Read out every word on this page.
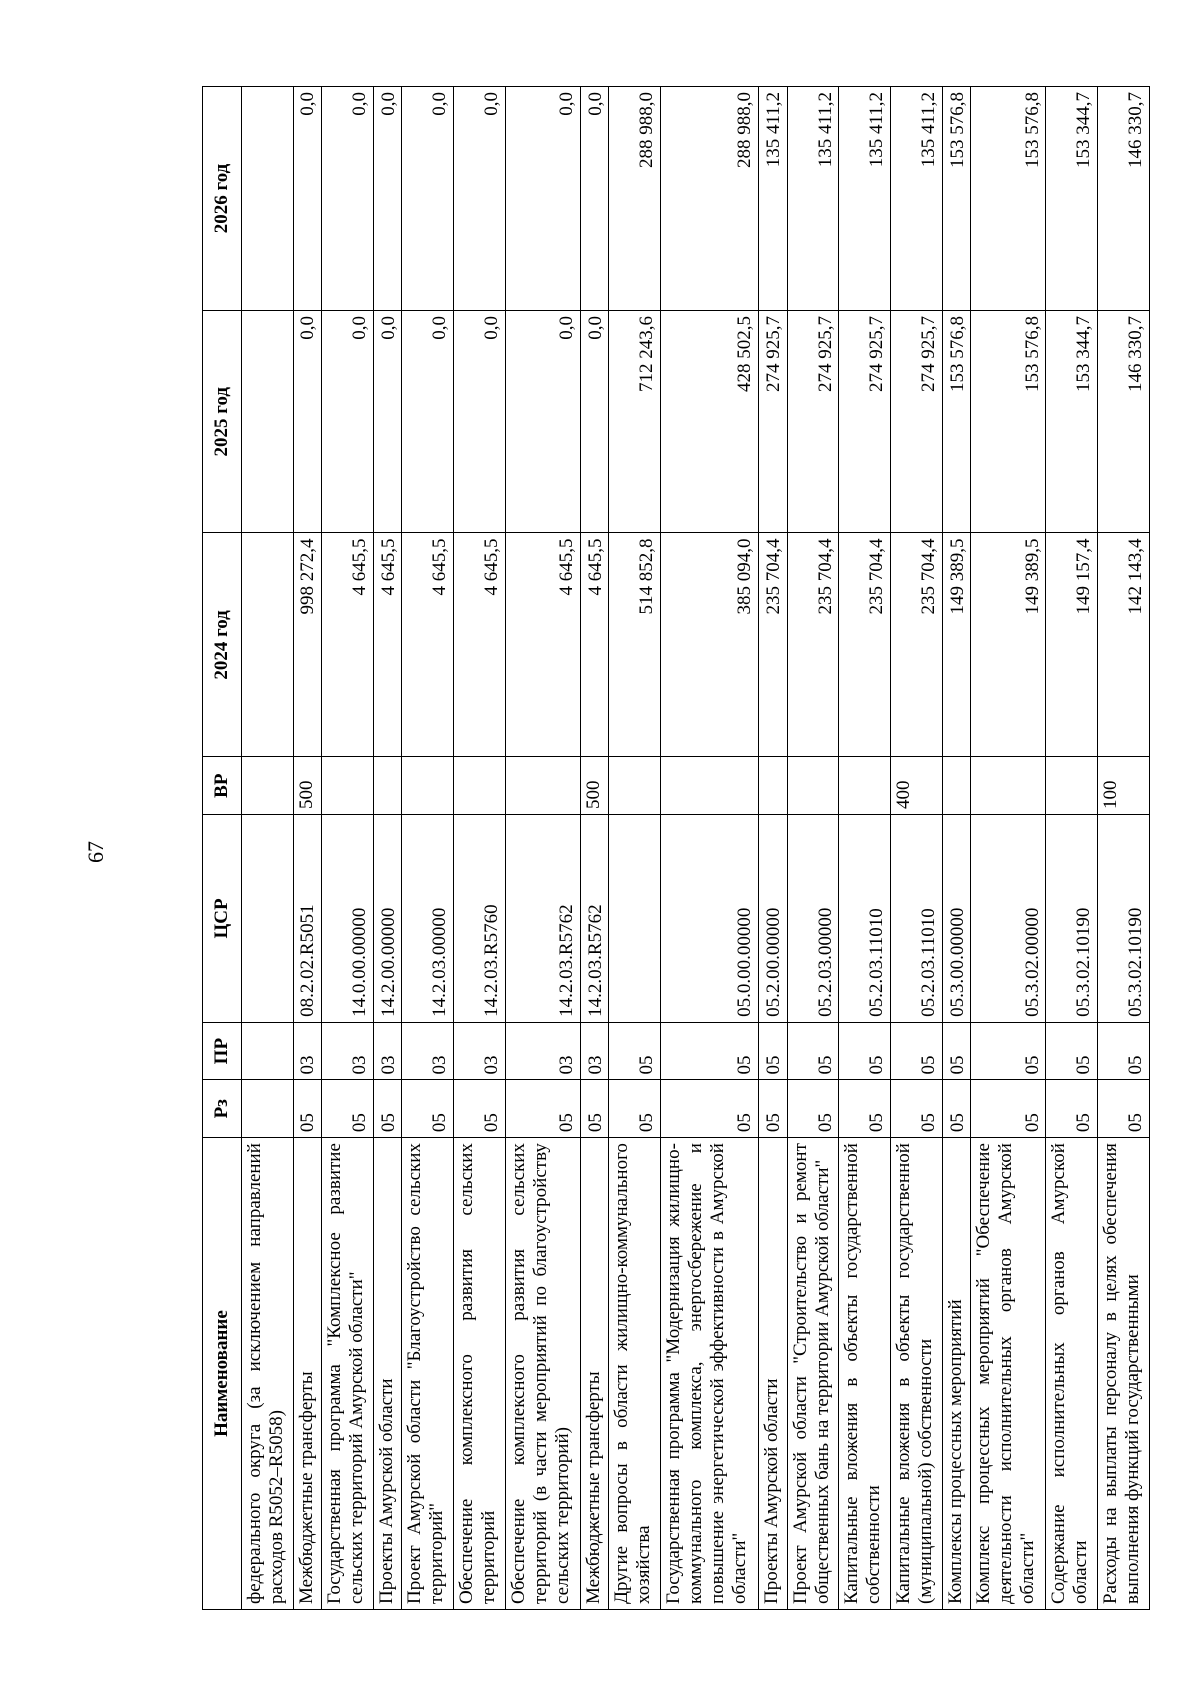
67
Наименование	Рз	ПР	ЦСР	ВР	2024 год	2025 год	2026 год
федерального округа (за исключением направлений расходов R5052–R5058)							
Межбюджетные трансферты	05	03	08.2.02.R5051	500	998 272,4	0,0	0,0
Государственная программа "Комплексное развитие сельских территорий Амурской области"	05	03	14.0.00.00000		4 645,5	0,0	0,0
Проекты Амурской области	05	03	14.2.00.00000		4 645,5	0,0	0,0
Проект Амурской области "Благоустройство сельских территорий"	05	03	14.2.03.00000		4 645,5	0,0	0,0
Обеспечение комплексного развития сельских территорий	05	03	14.2.03.R5760		4 645,5	0,0	0,0
Обеспечение комплексного развития сельских территорий (в части мероприятий по благоустройству сельских территорий)	05	03	14.2.03.R5762		4 645,5	0,0	0,0
Межбюджетные трансферты	05	03	14.2.03.R5762	500	4 645,5	0,0	0,0
Другие вопросы в области жилищно-коммунального хозяйства	05	05			514 852,8	712 243,6	288 988,0
Государственная программа "Модернизация жилищно-коммунального комплекса, энергосбережение и повышение энергетической эффективности в Амурской области"	05	05	05.0.00.00000		385 094,0	428 502,5	288 988,0
Проекты Амурской области	05	05	05.2.00.00000		235 704,4	274 925,7	135 411,2
Проект Амурской области "Строительство и ремонт общественных бань на территории Амурской области"	05	05	05.2.03.00000		235 704,4	274 925,7	135 411,2
Капитальные вложения в объекты государственной собственности	05	05	05.2.03.11010		235 704,4	274 925,7	135 411,2
Капитальные вложения в объекты государственной (муниципальной) собственности	05	05	05.2.03.11010	400	235 704,4	274 925,7	135 411,2
Комплексы процессных мероприятий	05	05	05.3.00.00000		149 389,5	153 576,8	153 576,8
Комплекс процессных мероприятий "Обеспечение деятельности исполнительных органов Амурской области"	05	05	05.3.02.00000		149 389,5	153 576,8	153 576,8
Содержание исполнительных органов Амурской области	05	05	05.3.02.10190		149 157,4	153 344,7	153 344,7
Расходы на выплаты персоналу в целях обеспечения выполнения функций государственными	05	05	05.3.02.10190	100	142 143,4	146 330,7	146 330,7
